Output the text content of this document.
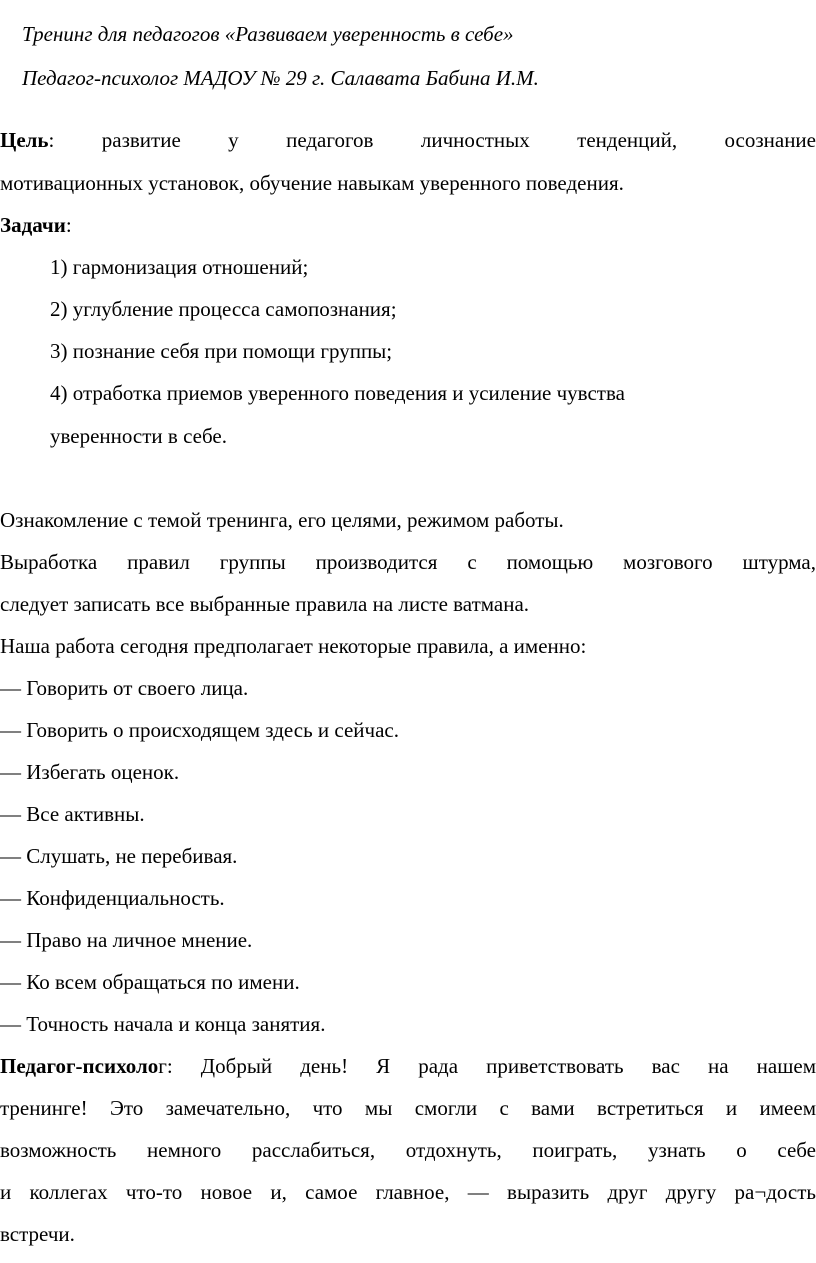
Тренинг для педагогов «Развиваем уверенность в себе»
Педагог-психолог МАДОУ № 29 г. Салавата Бабина И.М.
Цель: развитие у педагогов личностных тенденций, осознание
мотивационных установок, обучение навыкам уверенного поведения.
Задачи:
1) гармонизация отношений;
2) углубление процесса самопознания;
3) познание себя при помощи группы;
4) отработка приемов уверенного поведения и усиление чувства
уверенности в себе.
Ознакомление с темой тренинга, его целями, режимом работы.
Выработка правил группы производится с помощью мозгового штурма,
следует записать все выбранные правила на листе ватмана.
Наша работа сегодня предполагает некоторые правила, а именно:
— Говорить от своего лица.
— Говорить о происходящем здесь и сейчас.
— Избегать оценок.
— Все активны.
— Слушать, не перебивая.
— Конфиденциальность.
— Право на личное мнение.
— Ко всем обращаться по имени.
— Точность начала и конца занятия.
Педагог-психолог: Добрый день! Я рада приветствовать вас на нашем
тренинге! Это замечательно, что мы смогли с вами встретиться и имеем
возможность немного расслабиться, отдохнуть, поиграть, узнать о себе
и коллегах что-то новое и, самое главное, — выразить друг другу ра¬дость
встречи.
